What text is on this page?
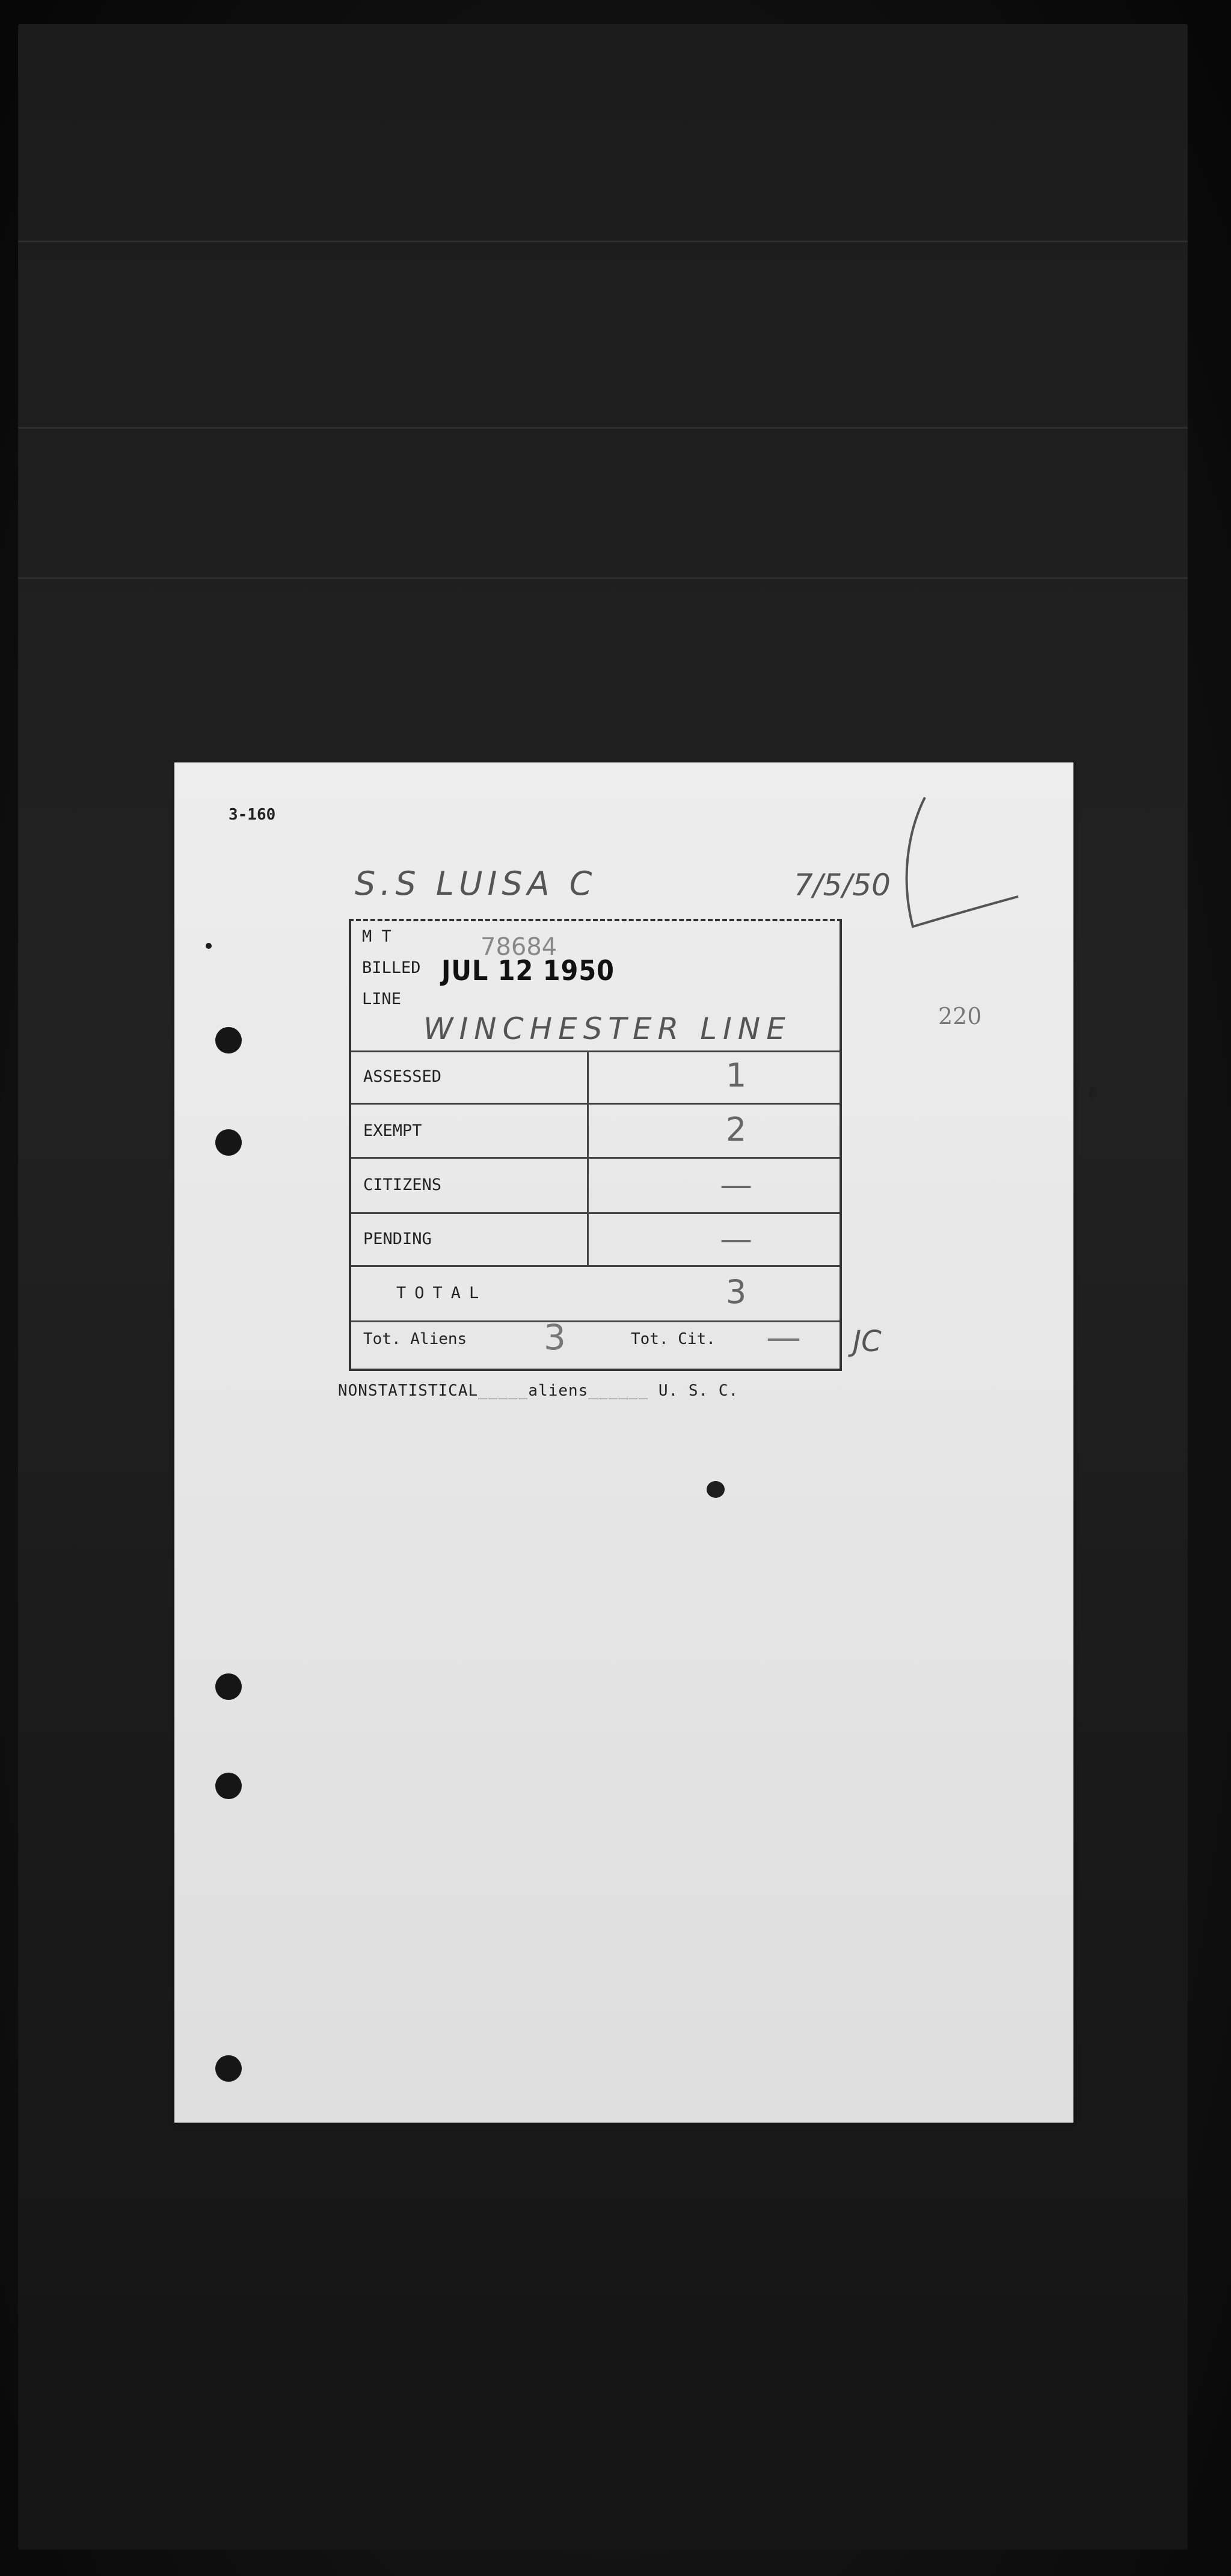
3-160
S.S LUISA C	7/5/50
220
M T
BILLED
LINE
78684
JUL 12 1950
WINCHESTER LINE
ASSESSED	1
EXEMPT	2
CITIZENS	—
PENDING	—
TOTAL	3
Tot. Aliens 3	Tot. Cit. — JC
NONSTATISTICAL_____aliens______ U. S. C.
